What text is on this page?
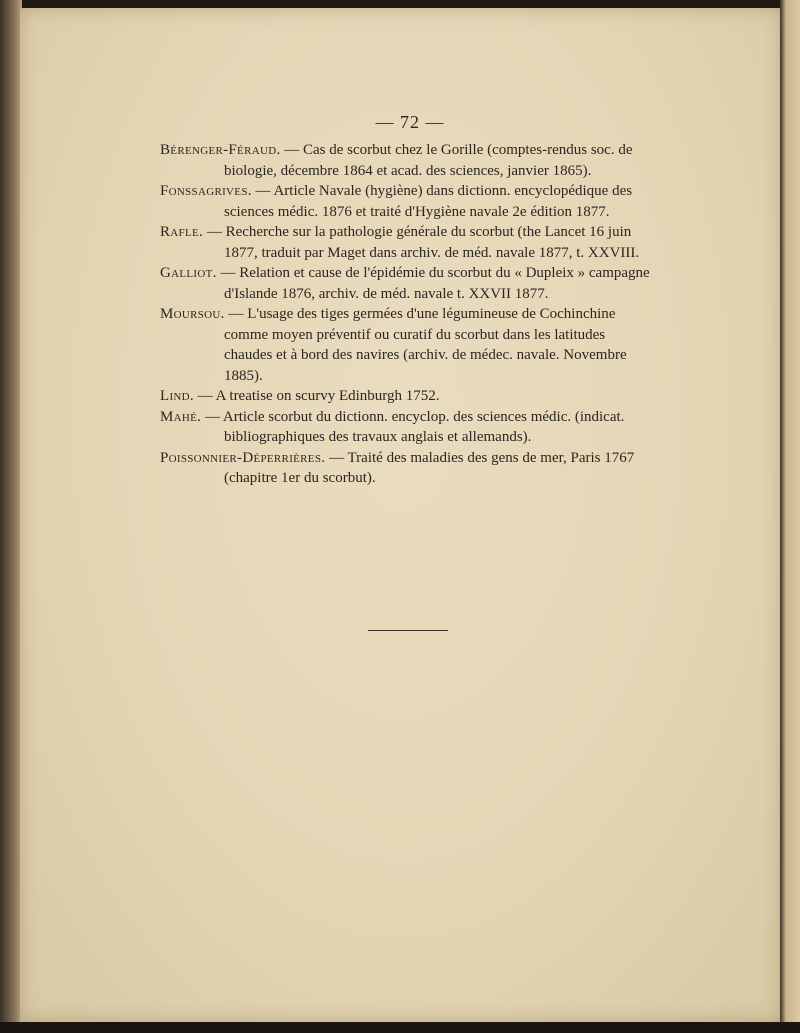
— 72 —

Bérenger-Féraud. — Cas de scorbut chez le Gorille (comptes-rendus soc. de biologie, décembre 1864 et acad. des sciences, janvier 1865).

Fonssagrives. — Article Navale (hygiène) dans dictionn. encyclopédique des sciences médic. 1876 et traité d'Hygiène navale 2e édition 1877.

Rafle. — Recherche sur la pathologie générale du scorbut (the Lancet 16 juin 1877, traduit par Maget dans archiv. de méd. navale 1877, t. XXVIII.

Galliot. — Relation et cause de l'épidémie du scorbut du « Dupleix » campagne d'Islande 1876, archiv. de méd. navale t. XXVII 1877.

Moursou. — L'usage des tiges germées d'une légumineuse de Cochinchine comme moyen préventif ou curatif du scorbut dans les latitudes chaudes et à bord des navires (archiv. de médec. navale. Novembre 1885).

Lind. — A treatise on scurvy Edinburgh 1752.

Mahé. — Article scorbut du dictionn. encyclop. des sciences médic. (indicat. bibliographiques des travaux anglais et allemands).

Poissonnier-Déperrières. — Traité des maladies des gens de mer, Paris 1767 (chapitre 1er du scorbut).
